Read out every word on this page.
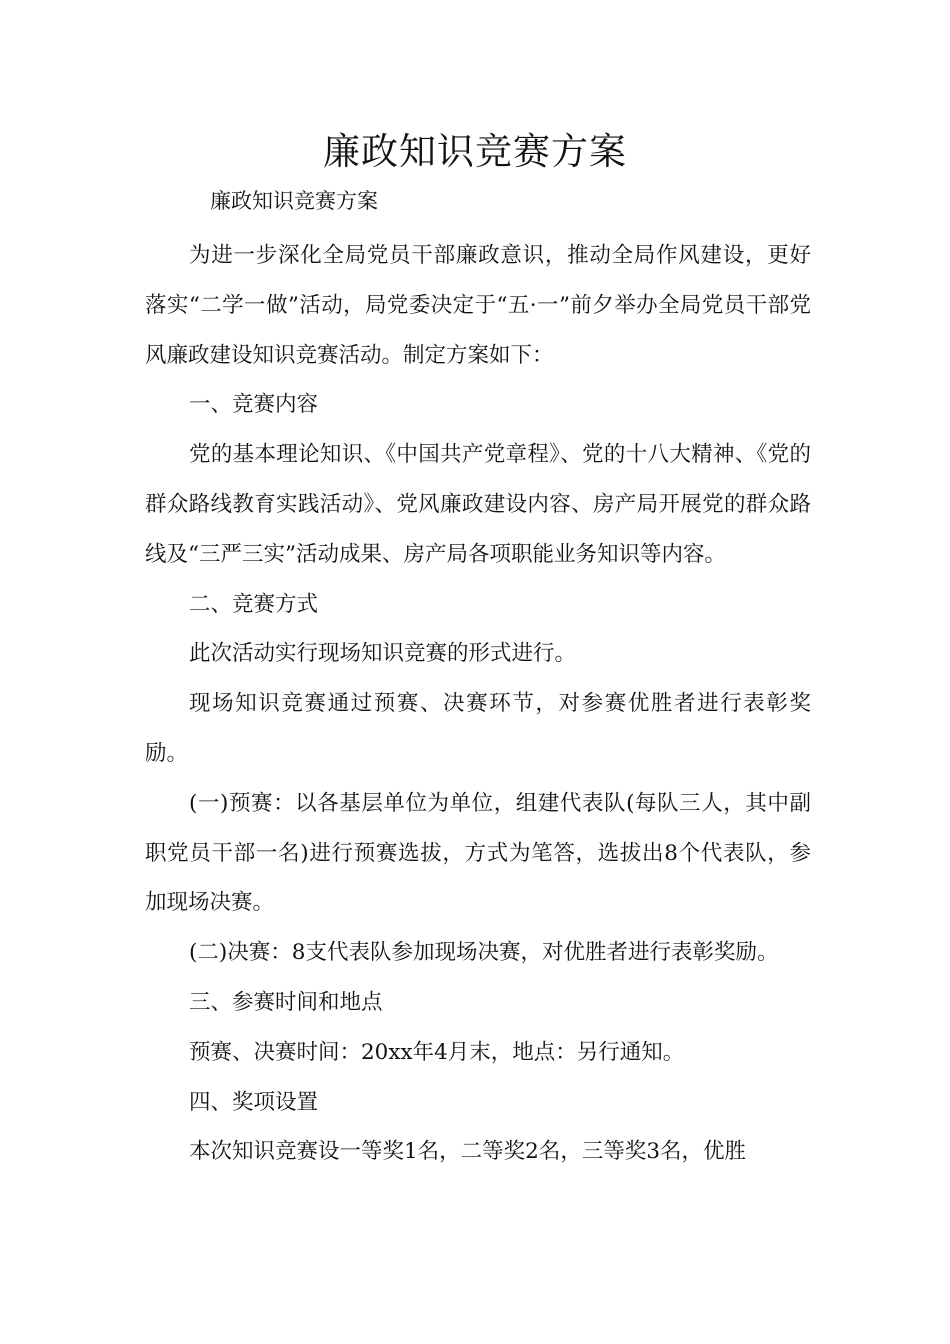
廉政知识竞赛方案

廉政知识竞赛方案

为进一步深化全局党员干部廉政意识，推动全局作风建设，更好落实“二学一做”活动，局党委决定于“五·一”前夕举办全局党员干部党风廉政建设知识竞赛活动。制定方案如下：

一、竞赛内容

党的基本理论知识、《中国共产党章程》、党的十八大精神、《党的群众路线教育实践活动》、党风廉政建设内容、房产局开展党的群众路线及“三严三实”活动成果、房产局各项职能业务知识等内容。

二、竞赛方式

此次活动实行现场知识竞赛的形式进行。

现场知识竞赛通过预赛、决赛环节，对参赛优胜者进行表彰奖励。

(一)预赛：以各基层单位为单位，组建代表队(每队三人，其中副职党员干部一名)进行预赛选拔，方式为笔答，选拔出8个代表队，参加现场决赛。

(二)决赛：8支代表队参加现场决赛，对优胜者进行表彰奖励。

三、参赛时间和地点

预赛、决赛时间：20xx年4月末，地点：另行通知。

四、奖项设置

本次知识竞赛设一等奖1名，二等奖2名，三等奖3名，优胜
